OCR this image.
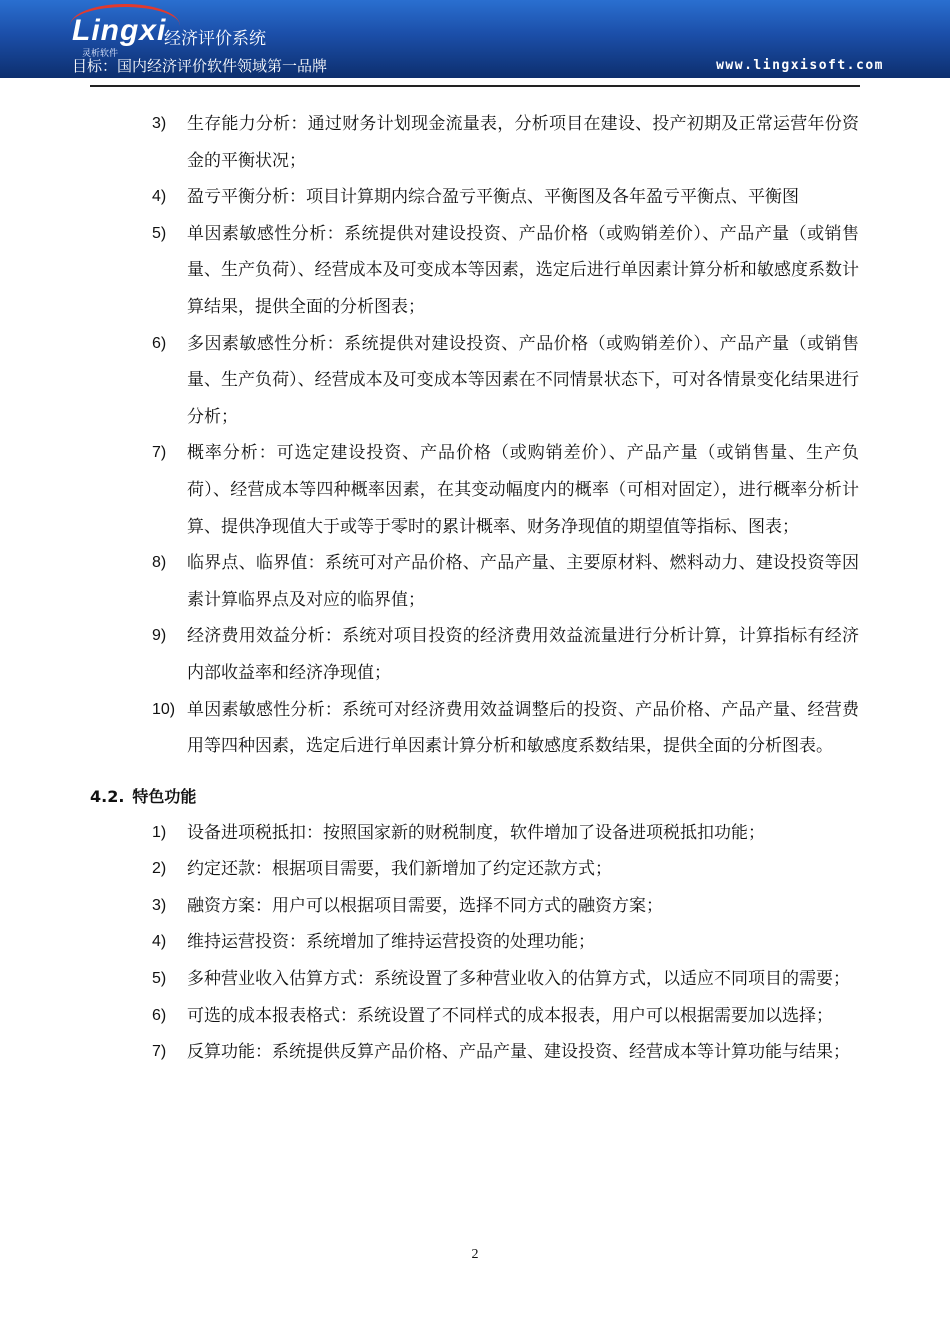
Lingxi
灵析软件
经济评价系统
目标：国内经济评价软件领域第一品牌	www.lingxisoft.com
3) 生存能力分析：通过财务计划现金流量表，分析项目在建设、投产初期及正常运营年份资金的平衡状况；
4) 盈亏平衡分析：项目计算期内综合盈亏平衡点、平衡图及各年盈亏平衡点、平衡图
5) 单因素敏感性分析：系统提供对建设投资、产品价格（或购销差价）、产品产量（或销售量、生产负荷）、经营成本及可变成本等因素，选定后进行单因素计算分析和敏感度系数计算结果，提供全面的分析图表；
6) 多因素敏感性分析：系统提供对建设投资、产品价格（或购销差价）、产品产量（或销售量、生产负荷）、经营成本及可变成本等因素在不同情景状态下，可对各情景变化结果进行分析；
7) 概率分析：可选定建设投资、产品价格（或购销差价）、产品产量（或销售量、生产负荷）、经营成本等四种概率因素，在其变动幅度内的概率（可相对固定），进行概率分析计算、提供净现值大于或等于零时的累计概率、财务净现值的期望值等指标、图表；
8) 临界点、临界值：系统可对产品价格、产品产量、主要原材料、燃料动力、建设投资等因素计算临界点及对应的临界值；
9) 经济费用效益分析：系统对项目投资的经济费用效益流量进行分析计算，计算指标有经济内部收益率和经济净现值；
10) 单因素敏感性分析：系统可对经济费用效益调整后的投资、产品价格、产品产量、经营费用等四种因素，选定后进行单因素计算分析和敏感度系数结果，提供全面的分析图表。
4.2. 特色功能
1) 设备进项税抵扣：按照国家新的财税制度，软件增加了设备进项税抵扣功能；
2) 约定还款：根据项目需要，我们新增加了约定还款方式；
3) 融资方案：用户可以根据项目需要，选择不同方式的融资方案；
4) 维持运营投资：系统增加了维持运营投资的处理功能；
5) 多种营业收入估算方式：系统设置了多种营业收入的估算方式，以适应不同项目的需要；
6) 可选的成本报表格式：系统设置了不同样式的成本报表，用户可以根据需要加以选择；
7) 反算功能：系统提供反算产品价格、产品产量、建设投资、经营成本等计算功能与结果；
2
